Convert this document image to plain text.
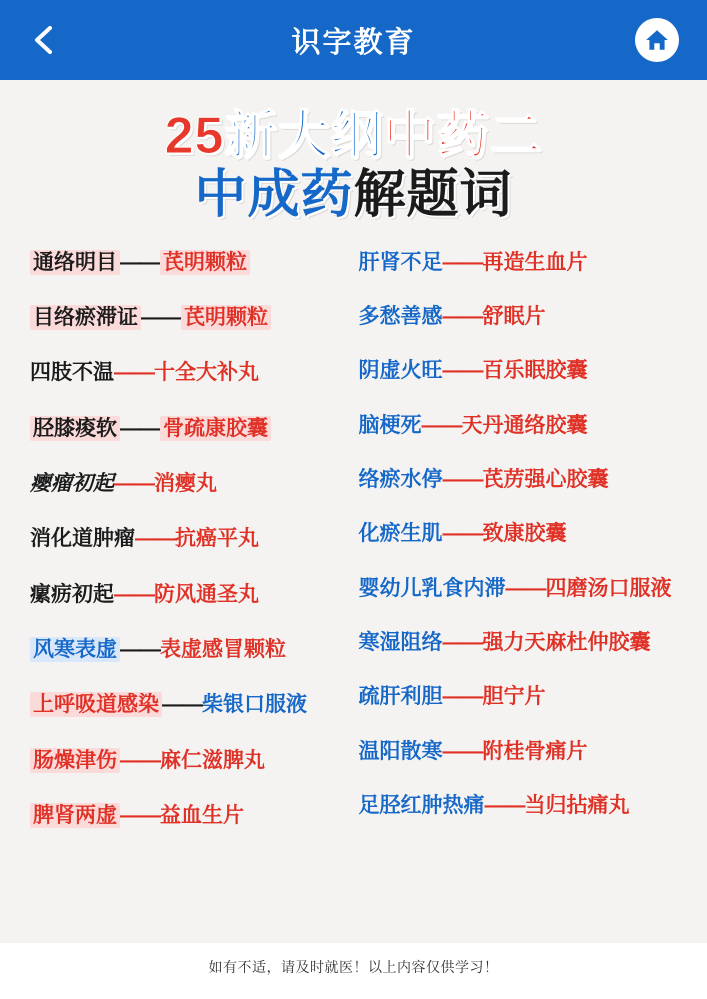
识字教育
25新大纲中药二
中成药解题词
通络明目 —— 芪明颗粒
目络瘀滞证 —— 芪明颗粒
四肢不温——十全大补丸
胫膝痠软 —— 骨疏康胶囊
瘿瘤初起——消瘿丸
消化道肿瘤——抗癌平丸
瘰疬初起——防风通圣丸
风寒表虚 ——表虚感冒颗粒
上呼吸道感染 ——柴银口服液
肠燥津伤 ——麻仁滋脾丸
脾肾两虚 ——益血生片
肝肾不足——再造生血片
多愁善感——舒眠片
阴虚火旺——百乐眠胶囊
脑梗死——天丹通络胶囊
络瘀水停——芪苈强心胶囊
化瘀生肌——致康胶囊
婴幼儿乳食内滞——四磨汤口服液
寒湿阻络——强力天麻杜仲胶囊
疏肝利胆——胆宁片
温阳散寒——附桂骨痛片
足胫红肿热痛——当归拈痛丸
如有不适，请及时就医！以上内容仅供学习！
